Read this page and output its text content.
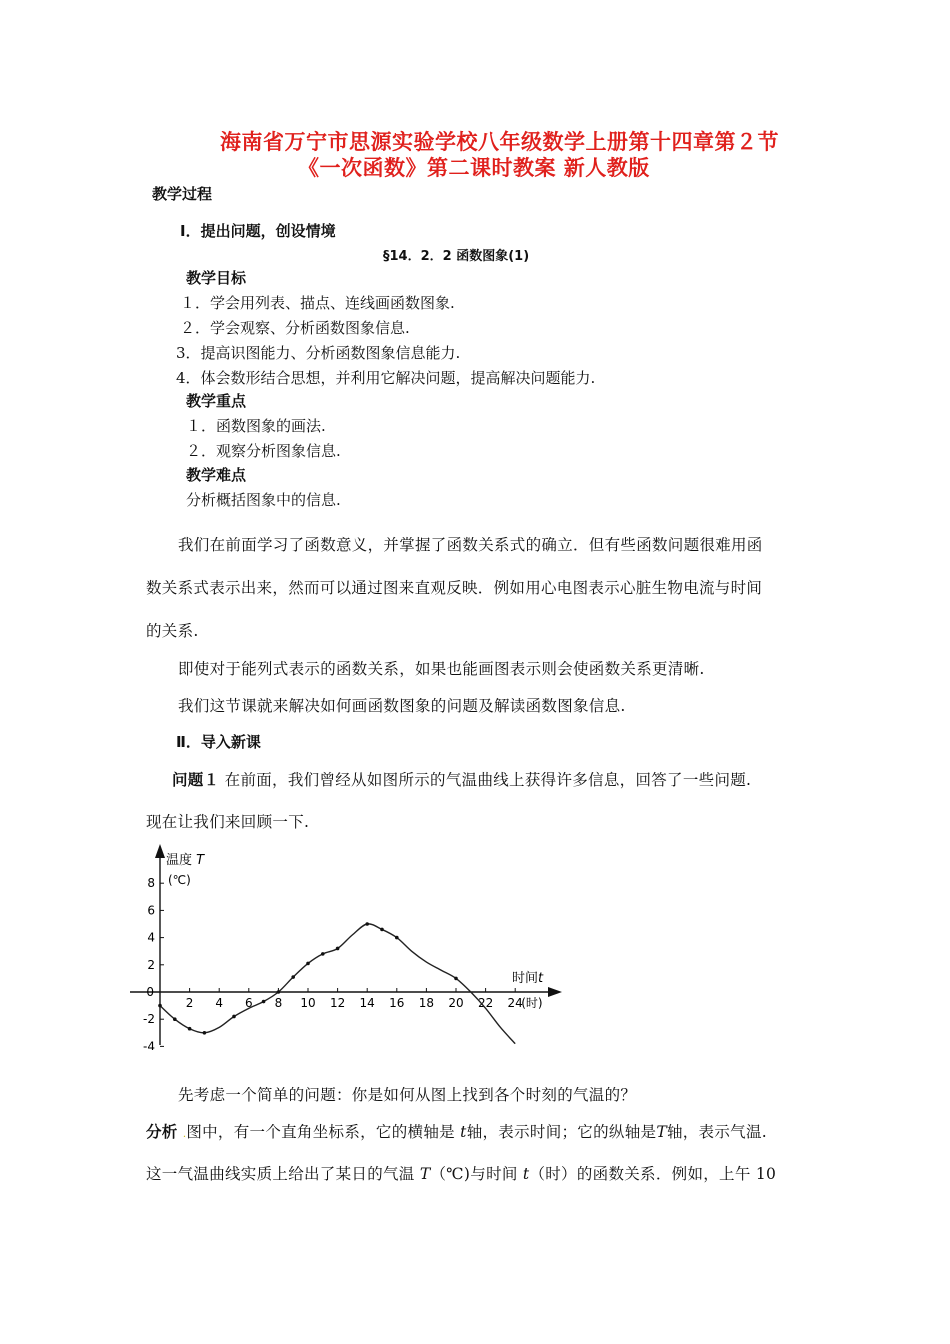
海南省万宁市思源实验学校八年级数学上册第十四章第２节
《一次函数》第二课时教案 新人教版
教学过程
Ⅰ．提出问题，创设情境
§14．2．2 函数图象(1)
教学目标
１．学会用列表、描点、连线画函数图象.
２．学会观察、分析函数图象信息.
3．提高识图能力、分析函数图象信息能力.
4．体会数形结合思想，并利用它解决问题，提高解决问题能力.
教学重点
１．函数图象的画法.
２．观察分析图象信息.
教学难点
分析概括图象中的信息.
我们在前面学习了函数意义，并掌握了函数关系式的确立．但有些函数问题很难用函
数关系式表示出来，然而可以通过图来直观反映．例如用心电图表示心脏生物电流与时间
的关系.
即使对于能列式表示的函数关系，如果也能画图表示则会使函数关系更清晰.
我们这节课就来解决如何画函数图象的问题及解读函数图象信息.
Ⅱ．导入新课
问题１ 在前面，我们曾经从如图所示的气温曲线上获得许多信息，回答了一些问题.
现在让我们来回顾一下.
2 4 6 8 10 12 14 16 18 20 22 24
-4
-2
2
4
6
8
0
温度 T
(℃)
时间t
(时)
先考虑一个简单的问题：你是如何从图上找到各个时刻的气温的？
分析 .图中，有一个直角坐标系，它的横轴是 t轴，表示时间；它的纵轴是T轴，表示气温.
这一气温曲线实质上给出了某日的气温 T（℃)与时间 t（时）的函数关系．例如，上午 10
